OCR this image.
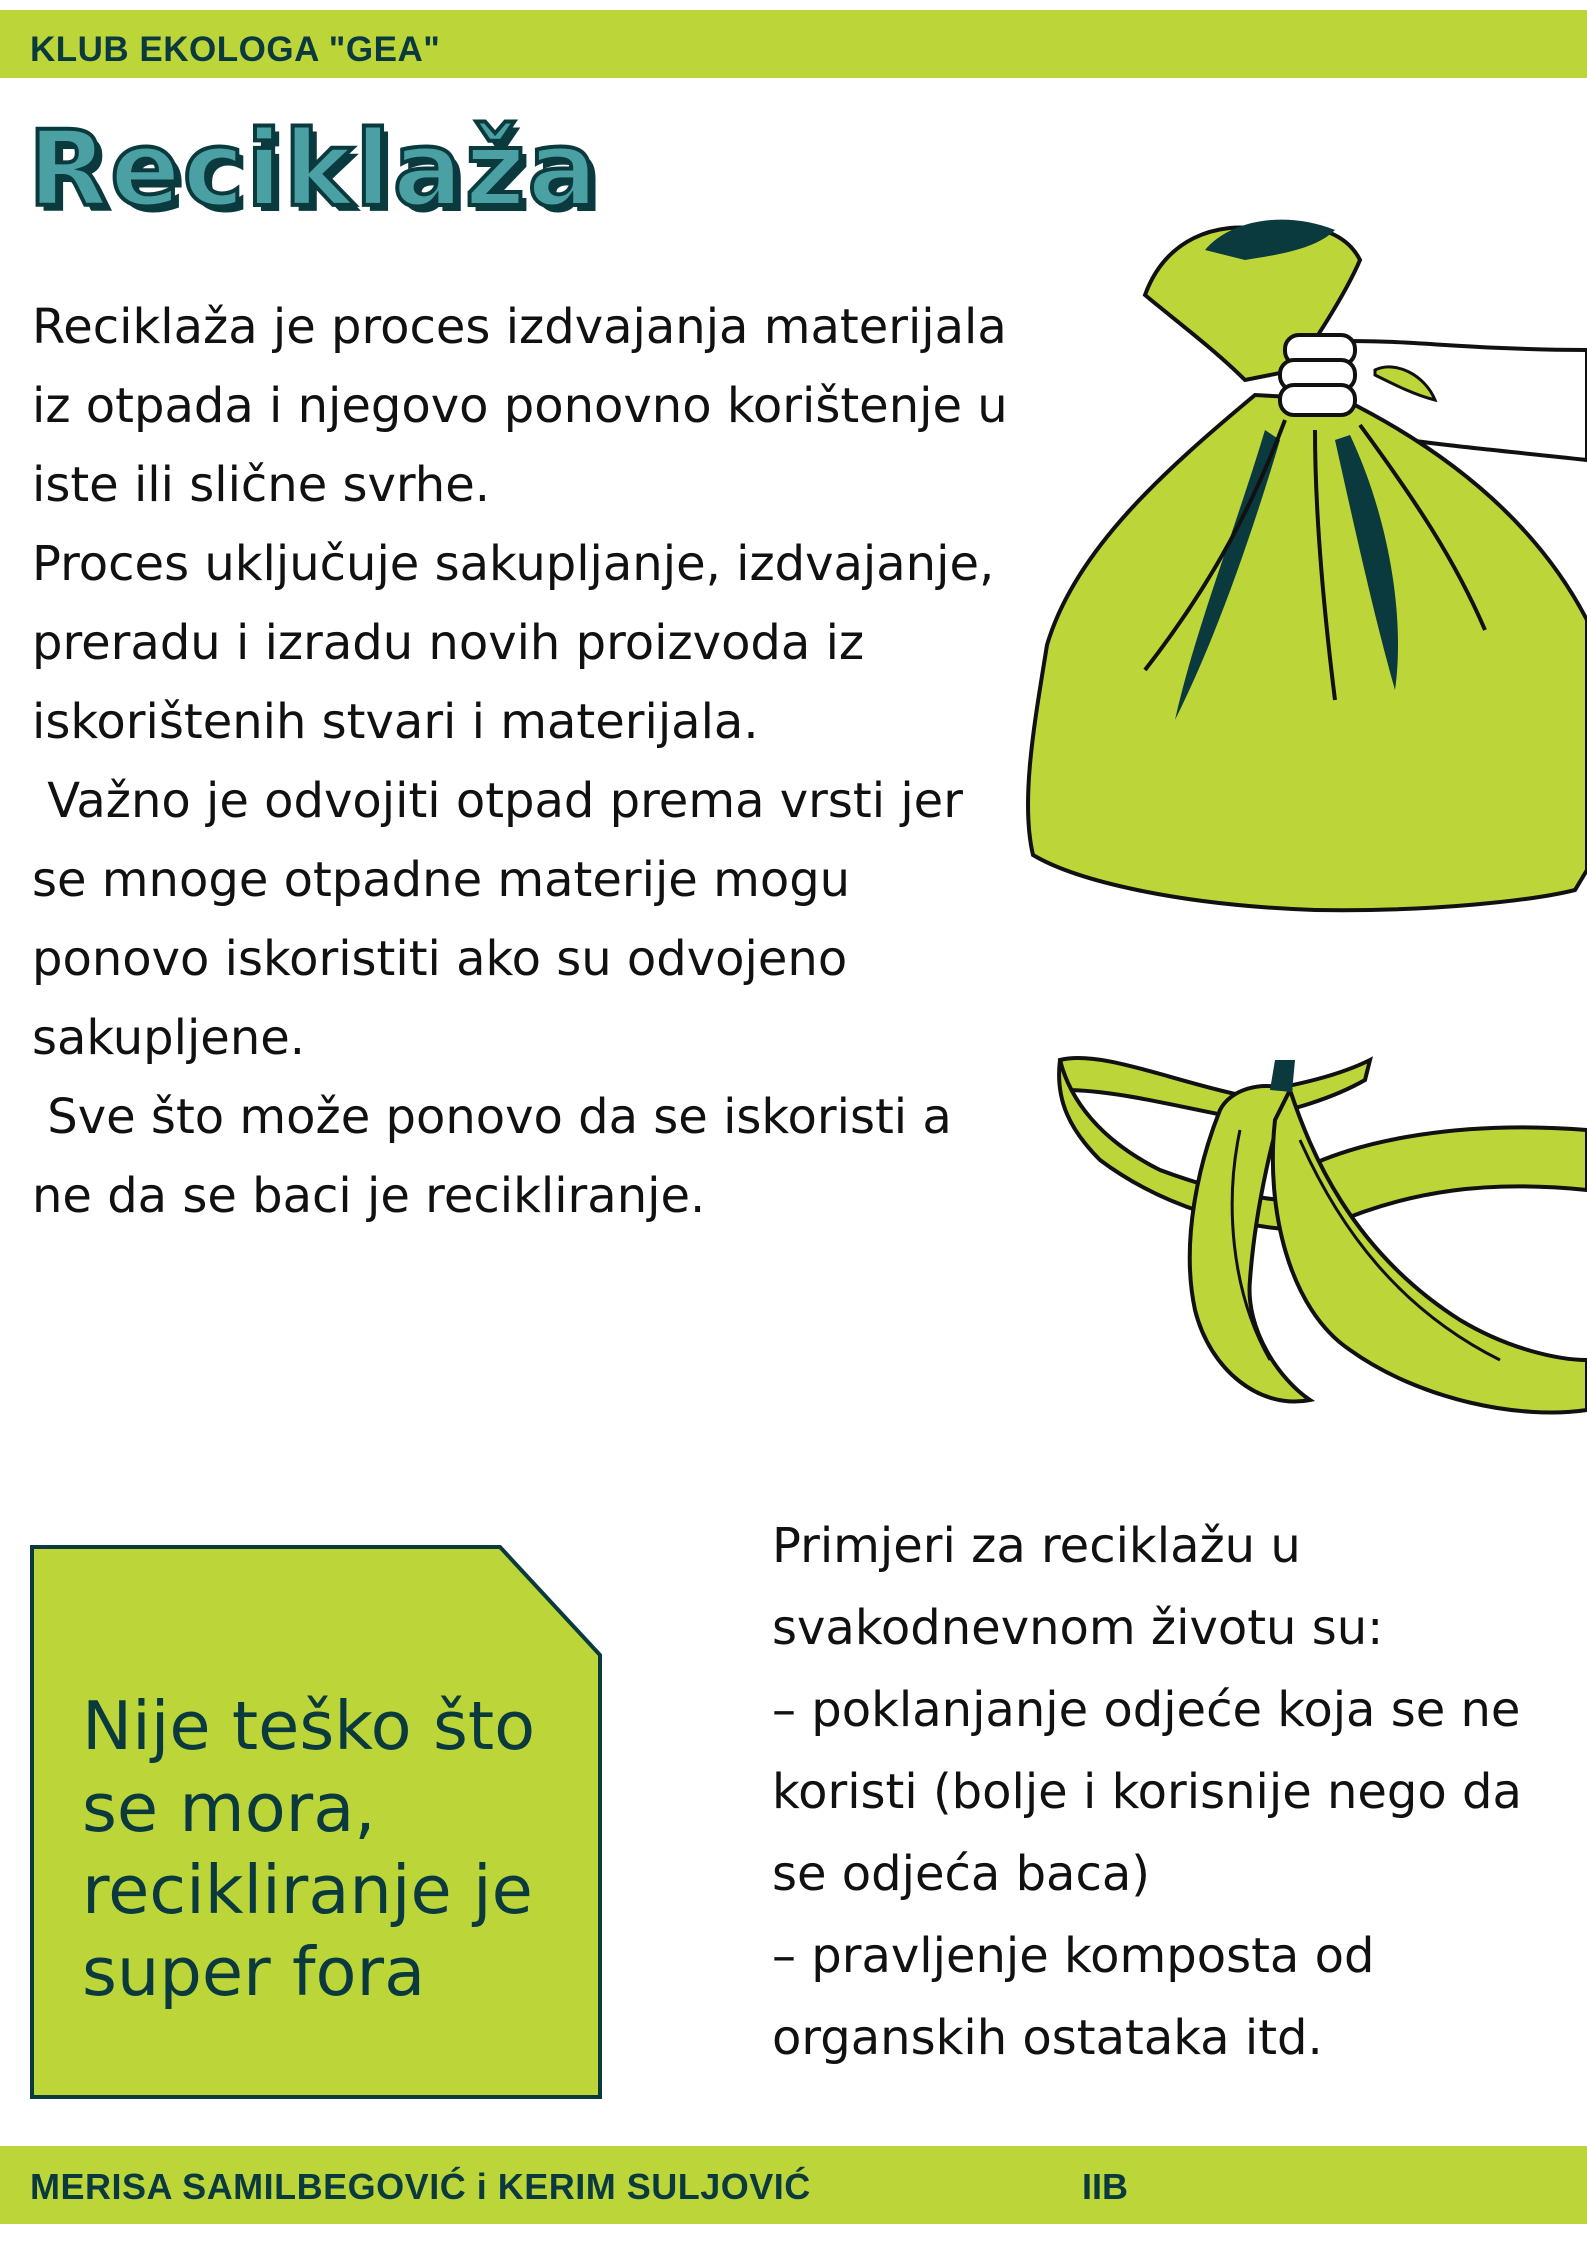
KLUB EKOLOGA "GEA"
Reciklaža

Reciklaža je proces izdvajanja materijala iz otpada i njegovo ponovno korištenje u iste ili slične svrhe.

Proces uključuje sakupljanje, izdvajanje, preradu i izradu novih proizvoda iz iskorištenih stvari i materijala.

Važno je odvojiti otpad prema vrsti jer se mnoge otpadne materije mogu ponovo iskoristiti ako su odvojeno sakupljene.

Sve što može ponovo da se iskoristi a ne da se baci je recikliranje.

Nije teško što se mora, recikliranje je super fora

Primjeri za reciklažu u svakodnevnom životu su:
– poklanjanje odjeće koja se ne koristi (bolje i korisnije nego da se odjeća baca)
– pravljenje komposta od organskih ostataka itd.
MERISA SAMILBEGOVIĆ i KERIM SULJOVIĆ	IIB
